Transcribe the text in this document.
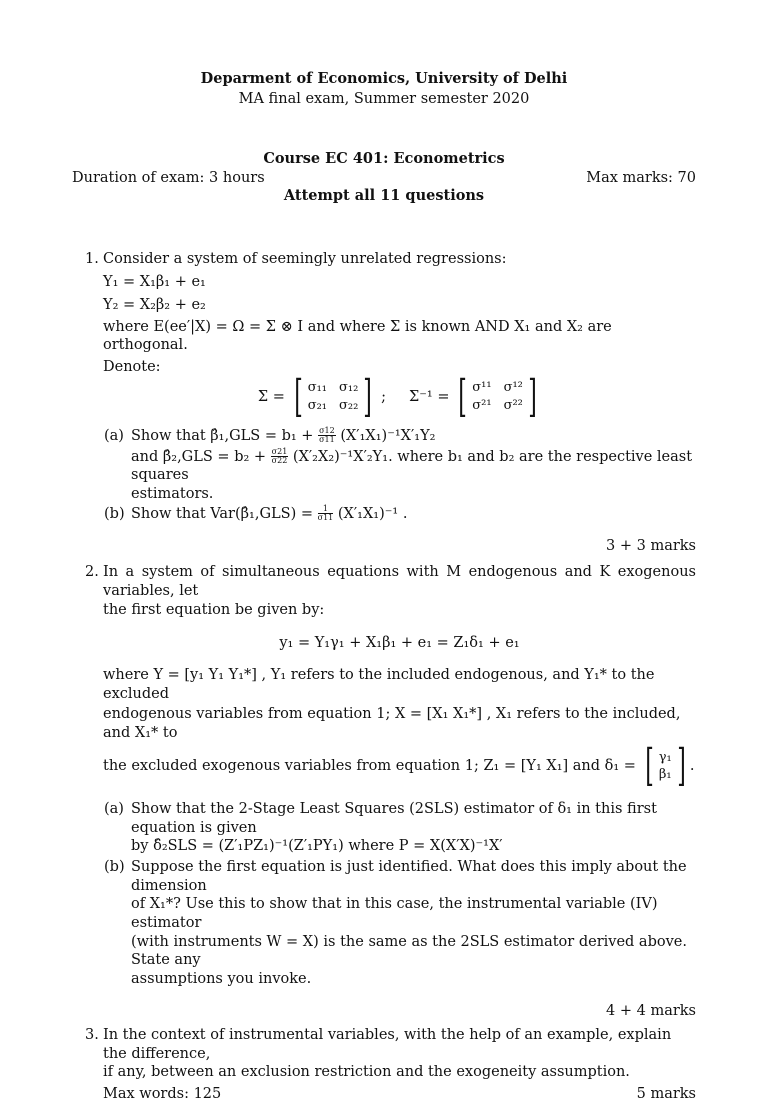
Deparment of Economics, University of Delhi
MA final exam, Summer semester 2020
Course EC 401: Econometrics
Duration of exam: 3 hours	Max marks: 70
Attempt all 11 questions
1. Consider a system of seemingly unrelated regressions:
Y₁ = X₁β₁ + e₁
Y₂ = X₂β₂ + e₂
where E(ee′|X) = Ω = Σ ⊗ I and where Σ is known AND X₁ and X₂ are orthogonal.
Denote:
Σ = [ σ₁₁ σ₁₂
σ₂₁ σ₂₂ ] ; Σ⁻¹ = [ σ¹¹ σ¹²
σ²¹ σ²² ]
(a) Show that β̂₁,GLS = $b_1 + \frac{\sigma 12}{\sigma 11} (X'_1X_1)^{-1}X'_1Y_2$
and β̂₂,GLS = $b_2 + \frac{\sigma 21}{\sigma 22} (X'_2X_2)^{-1}X'_2Y_1$. where b₁ and b₂ are the respective least squares
estimators.
(b) Show that Var(β̂₁,GLS) = $\frac{1}{\sigma 11} (X'_1X_1)^{-1}$ .
3 + 3 marks
2. In a system of simultaneous equations with M endogenous and K exogenous variables, let
the first equation be given by:
y₁ = Y₁γ₁ + X₁β₁ + e₁ = Z₁δ₁ + e₁
where Y = [y₁ Y₁ Y₁*] , Y₁ refers to the included endogenous, and Y₁* to the excluded
endogenous variables from equation 1; X = [X₁ X₁*] , X₁ refers to the included, and X₁* to
the excluded exogenous variables from equation 1; Z₁ = [Y₁ X₁] and δ₁ =
[ γ₁
β₁ ] .
(a) Show that the 2-Stage Least Squares (2SLS) estimator of δ₁ in this first equation is given
by δ̂₂SLS = (Z′₁PZ₁)⁻¹(Z′₁PY₁) where P = X(X′X)⁻¹X′
(b) Suppose the first equation is just identified. What does this imply about the dimension
of X₁*? Use this to show that in this case, the instrumental variable (IV) estimator
(with instruments W = X) is the same as the 2SLS estimator derived above. State any
assumptions you invoke.
4 + 4 marks
3. In the context of instrumental variables, with the help of an example, explain the difference,
if any, between an exclusion restriction and the exogeneity assumption.
Max words: 125	5 marks
